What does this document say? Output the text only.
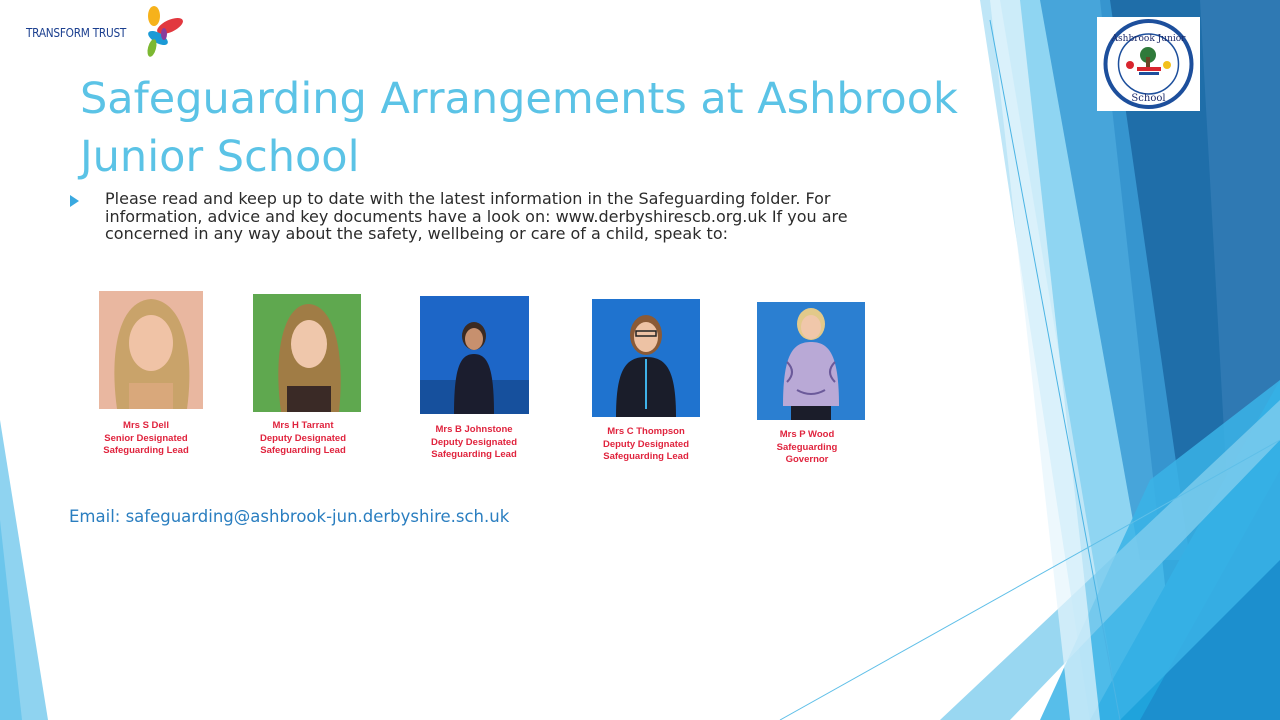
TRANSFORM TRUST	Ashbrook Junior
School
Safeguarding Arrangements at Ashbrook Junior School
Please read and keep up to date with the latest information in the Safeguarding folder. For information, advice and key documents have a look on: www.derbyshirescb.org.uk If you are concerned in any way about the safety, wellbeing or care of a child, speak to:
Mrs S Dell
Senior Designated
Safeguarding Lead
Mrs H Tarrant
Deputy Designated
Safeguarding Lead
Mrs B Johnstone
Deputy Designated
Safeguarding Lead
Mrs C Thompson
Deputy Designated
Safeguarding Lead
Mrs P Wood
Safeguarding
Governor
Email: safeguarding@ashbrook-jun.derbyshire.sch.uk
